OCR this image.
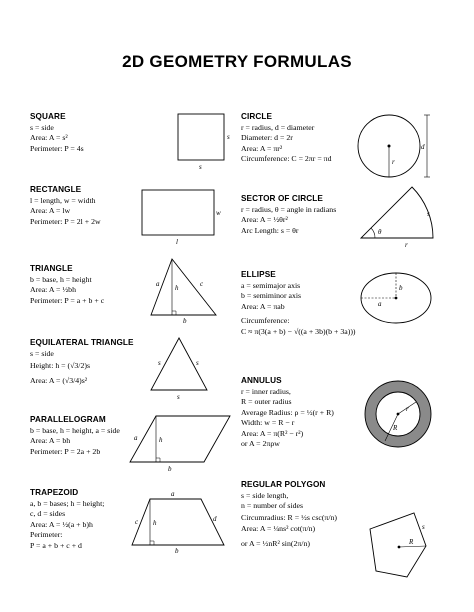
2D GEOMETRY FORMULAS
SQUARE
s = side
Area: A = s²
Perimeter: P = 4s
s
s
RECTANGLE
l = length, w = width
Area: A = lw
Perimeter: P = 2l + 2w
w
l
TRIANGLE
b = base, h = height
Area: A = ½bh
Perimeter: P = a + b + c
a h	c
b
EQUILATERAL TRIANGLE
s = side
Height: h = (√3/2)s
Area: A = (√3/4)s²
s	s
s
PARALLELOGRAM
b = base, h = height, a = side
Area: A = bh
Perimeter: P = 2a + 2b
a	h
b
TRAPEZOID
a, b = bases; h = height;
c, d = sides
Area: A = ½(a + b)h
Perimeter:
P = a + b + c + d
a
c h	d
b
CIRCLE
r = radius, d = diameter
Diameter: d = 2r
Area: A = πr²
Circumference: C = 2πr = πd	r
d
SECTOR OF CIRCLE
r = radius, θ = angle in radians
Area: A = ½θr²
Arc Length: s = θr
s
θ
r
ELLIPSE
a = semimajor axis
b = semiminor axis
Area: A = πab
Circumference:
C ≈ π(3(a + b) − √((a + 3b)(b + 3a)))
a
b
ANNULUS
r = inner radius,
R = outer radius
Average Radius: ρ = ½(r + R)
Width: w = R − r
Area: A = π(R² − r²)
or A = 2πρw
r
R
REGULAR POLYGON
s = side length,
n = number of sides
Circumradius: R = ½s csc(π/n)
Area: A = ¼ns² cot(π/n)
or A = ½nR² sin(2π/n)
s
R
